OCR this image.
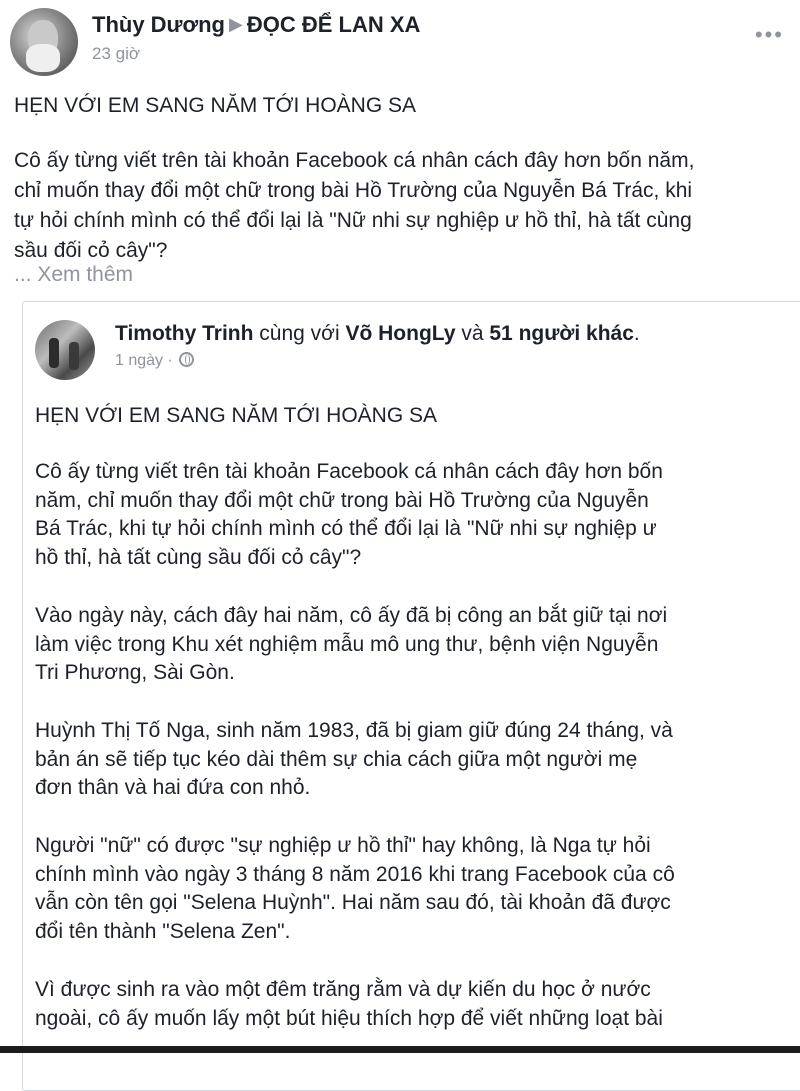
Thùy Dương ▶ ĐỌC ĐỂ LAN XA
23 giờ
•••
HẸN VỚI EM SANG NĂM TỚI HOÀNG SA
Cô ấy từng viết trên tài khoản Facebook cá nhân cách đây hơn bốn năm,
chỉ muốn thay đổi một chữ trong bài Hồ Trường của Nguyễn Bá Trác, khi
tự hỏi chính mình có thể đổi lại là "Nữ nhi sự nghiệp ư hồ thỉ, hà tất cùng
sầu đối cỏ cây"?
... Xem thêm
Timothy Trinh cùng với Võ HongLy và 51 người khác.
1 ngày ·
HẸN VỚI EM SANG NĂM TỚI HOÀNG SA
Cô ấy từng viết trên tài khoản Facebook cá nhân cách đây hơn bốn
năm, chỉ muốn thay đổi một chữ trong bài Hồ Trường của Nguyễn
Bá Trác, khi tự hỏi chính mình có thể đổi lại là "Nữ nhi sự nghiệp ư
hồ thỉ, hà tất cùng sầu đối cỏ cây"?
Vào ngày này, cách đây hai năm, cô ấy đã bị công an bắt giữ tại nơi
làm việc trong Khu xét nghiệm mẫu mô ung thư, bệnh viện Nguyễn
Tri Phương, Sài Gòn.
Huỳnh Thị Tố Nga, sinh năm 1983, đã bị giam giữ đúng 24 tháng, và
bản án sẽ tiếp tục kéo dài thêm sự chia cách giữa một người mẹ
đơn thân và hai đứa con nhỏ.
Người "nữ" có được "sự nghiệp ư hồ thỉ" hay không, là Nga tự hỏi
chính mình vào ngày 3 tháng 8 năm 2016 khi trang Facebook của cô
vẫn còn tên gọi "Selena Huỳnh". Hai năm sau đó, tài khoản đã được
đổi tên thành "Selena Zen".
Vì được sinh ra vào một đêm trăng rằm và dự kiến du học ở nước
ngoài, cô ấy muốn lấy một bút hiệu thích hợp để viết những loạt bài
